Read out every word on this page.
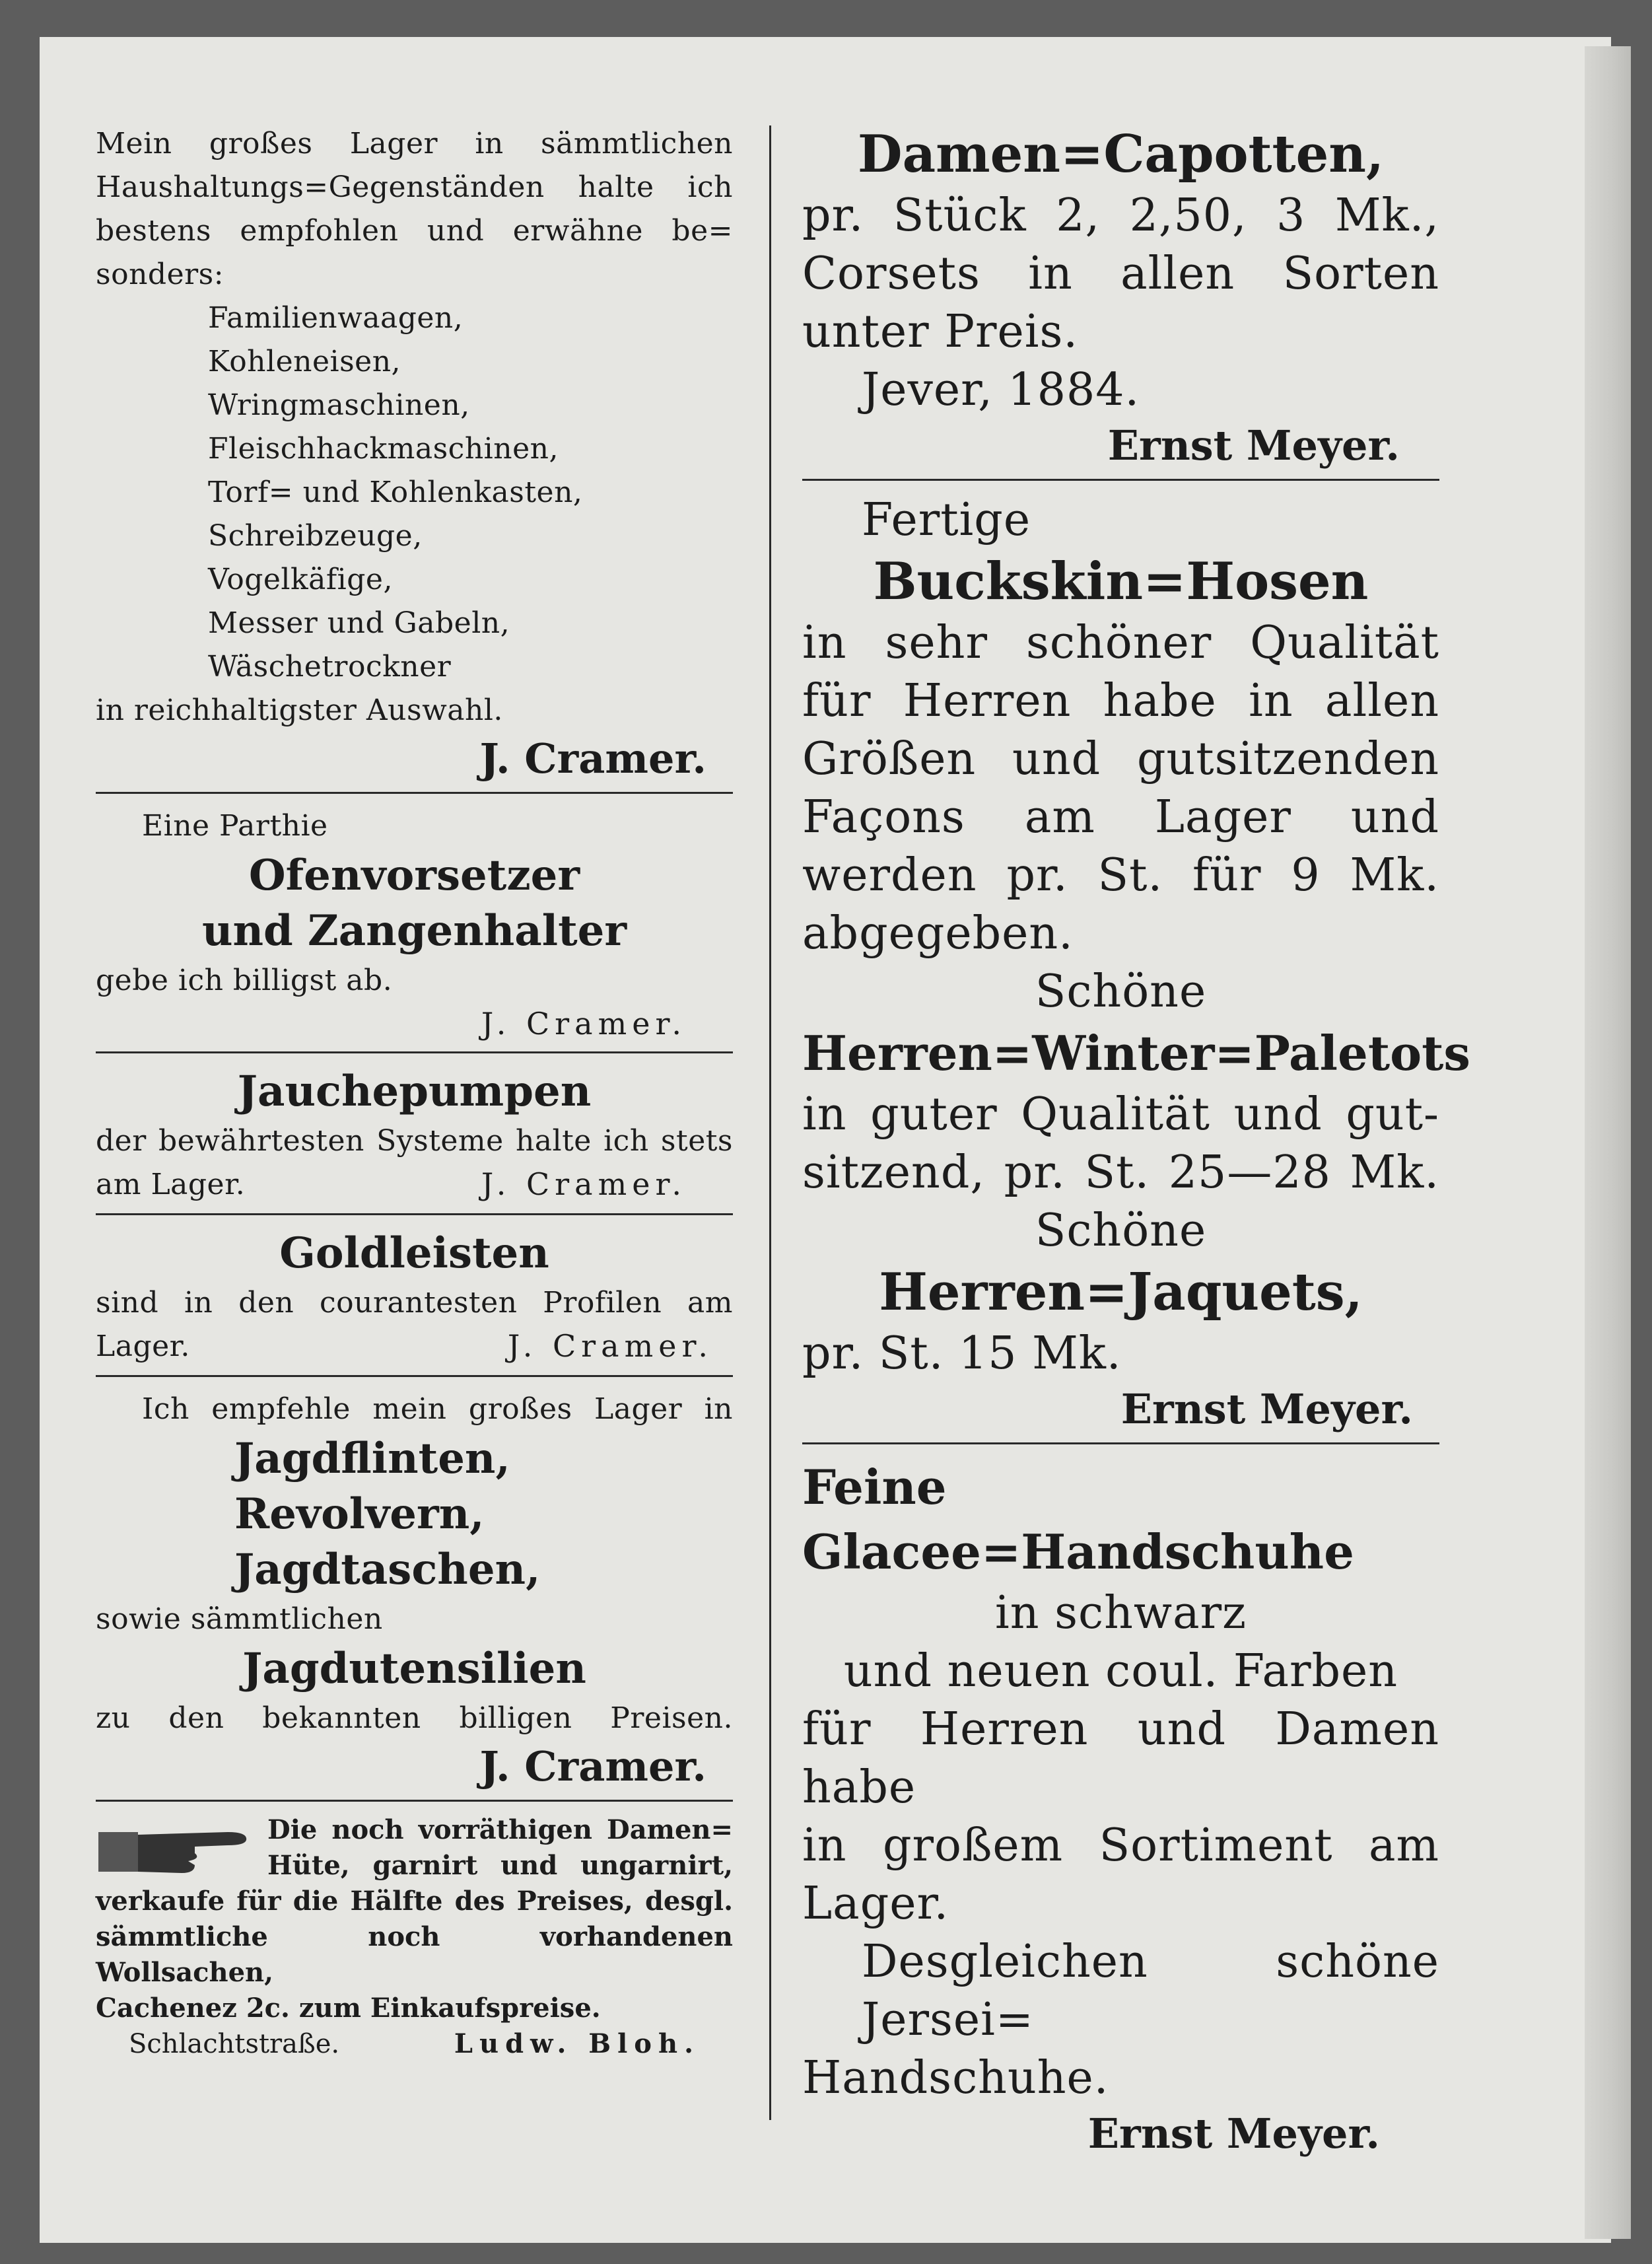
Mein großes Lager in sämmtlichen
Haushaltungs=Gegenständen halte ich
bestens empfohlen und erwähne be=
sonders:
Familienwaagen,
Kohleneisen,
Wringmaschinen,
Fleischhackmaschinen,
Torf= und Kohlenkasten,
Schreibzeuge,
Vogelkäfige,
Messer und Gabeln,
Wäschetrockner
in reichhaltigster Auswahl.
J. Cramer.
Eine Parthie
Ofenvorsetzer
und Zangenhalter
gebe ich billigst ab.
J. Cramer.
Jauchepumpen
der bewährtesten Systeme halte ich stets
am Lager.	J. Cramer.
Goldleisten
sind in den courantesten Profilen am
Lager.	J. Cramer.
Ich empfehle mein großes Lager in
Jagdflinten,
Revolvern,
Jagdtaschen,
sowie sämmtlichen
Jagdutensilien
zu den bekannten billigen Preisen.
J. Cramer.
Die noch vorräthigen Damen=
Hüte, garnirt und ungarnirt,
verkaufe für die Hälfte des Preises, desgl.
sämmtliche noch vorhandenen Wollsachen,
Cachenez 2c. zum Einkaufspreise.
Schlachtstraße.	Ludw. Bloh.
Damen=Capotten,
pr. Stück 2, 2,50, 3 Mk.,
Corsets in allen Sorten
unter Preis.
Jever, 1884.
Ernst Meyer.
Fertige
Buckskin=Hosen
in sehr schöner Qualität
für Herren habe in allen
Größen und gutsitzenden
Façons am Lager und
werden pr. St. für 9 Mk.
abgegeben.
Schöne
Herren=Winter=Paletots
in guter Qualität und gut-
sitzend, pr. St. 25—28 Mk.
Schöne
Herren=Jaquets,
pr. St. 15 Mk.
Ernst Meyer.
Feine Glacee=Handschuhe
in schwarz
und neuen coul. Farben
für Herren und Damen habe
in großem Sortiment am
Lager.
Desgleichen schöne Jersei=
Handschuhe.
Ernst Meyer.
